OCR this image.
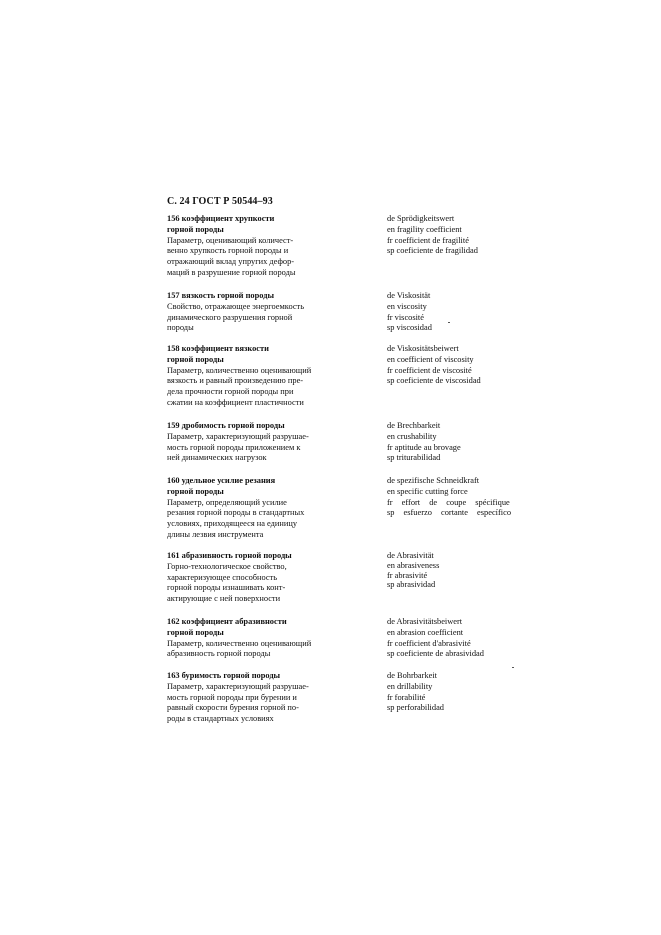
С. 24 ГОСТ Р 50544–93
156 коэффициент хрупкости
горной породы
Параметр, оценивающий количест-
венно хрупкость горной породы и
отражающий вклад упругих дефор-
маций в разрушение горной породы
de Sprödigkeitswert
en fragility coefficient
fr coefficient de fragilité
sp coeficiente de fragilidad
157 вязкость горной породы
Свойство, отражающее энергоемкость
динамического разрушения горной
породы
de Viskosität
en viscosity
fr viscosité
sp viscosidad
158 коэффициент вязкости
горной породы
Параметр, количественно оценивающий
вязкость и равный произведению пре-
дела прочности горной породы при
сжатии на коэффициент пластичности
de Viskositätsbeiwert
en coefficient of viscosity
fr coefficient de viscosité
sp coeficiente de viscosidad
159 дробимость горной породы
Параметр, характеризующий разрушае-
мость горной породы приложением к
ней динамических нагрузок
de Brechbarkeit
en crushability
fr aptitude au brovage
sp triturabilidad
160 удельное усилие резания
горной породы
Параметр, определяющий усилие
резания горной породы в стандартных
условиях, приходящееся на единицу
длины лезвия инструмента
de spezifische Schneidkraft
en specific cutting force
fr effort de coupe spécifique
sp esfuerzo cortante específico
161 абразивность горной породы
Горно-технологическое свойство,
характеризующее способность
горной породы изнашивать конт-
актирующие с ней поверхности
de Abrasivität
en abrasiveness
fr abrasivité
sp abrasividad
162 коэффициент абразивности
горной породы
Параметр, количественно оценивающий
абразивность горной породы
de Abrasivitätsbeiwert
en abrasion coefficient
fr coefficient d'abrasivité
sp coeficiente de abrasividad
163 буримость горной породы
Параметр, характеризующий разрушае-
мость горной породы при бурении и
равный скорости бурения горной по-
роды в стандартных условиях
de Bohrbarkeit
en drillability
fr forabilité
sp perforabilidad
